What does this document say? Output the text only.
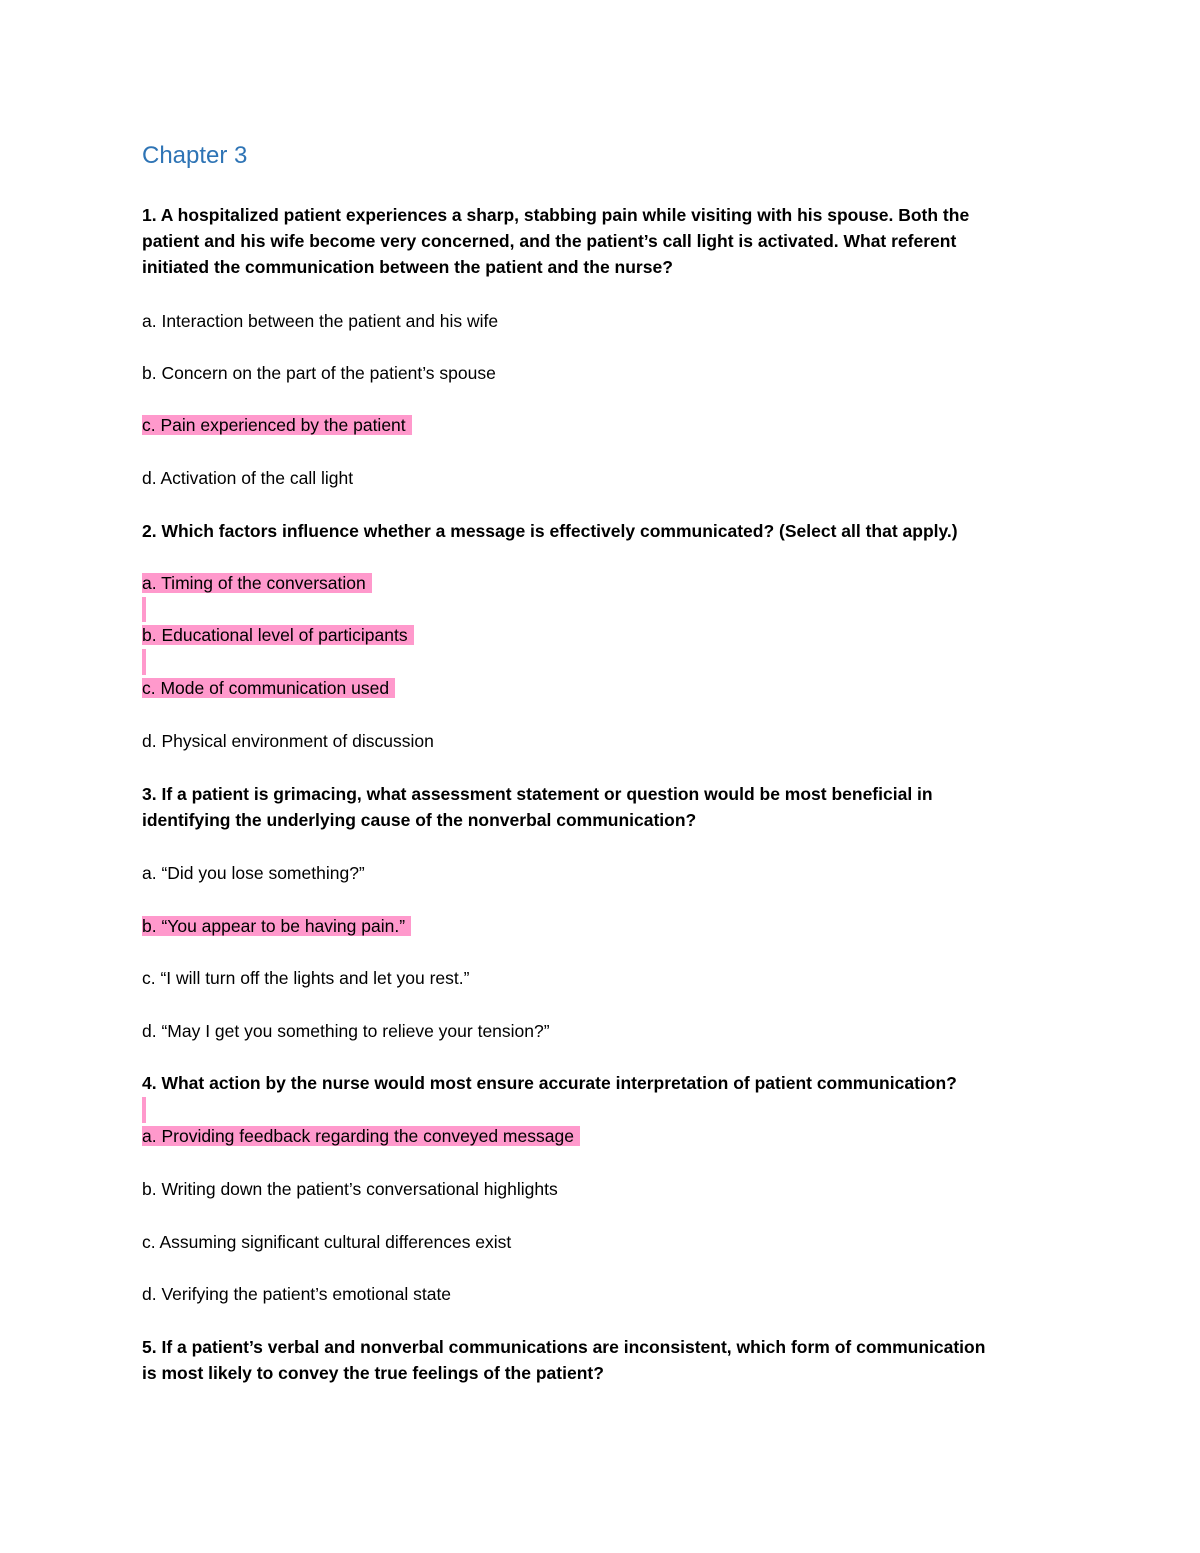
Chapter 3
1. A hospitalized patient experiences a sharp, stabbing pain while visiting with his spouse. Both the
patient and his wife become very concerned, and the patient’s call light is activated. What referent
initiated the communication between the patient and the nurse?
a. Interaction between the patient and his wife
b. Concern on the part of the patient’s spouse
c. Pain experienced by the patient
d. Activation of the call light
2. Which factors influence whether a message is effectively communicated? (Select all that apply.)
a. Timing of the conversation
b. Educational level of participants
c. Mode of communication used
d. Physical environment of discussion
3. If a patient is grimacing, what assessment statement or question would be most beneficial in
identifying the underlying cause of the nonverbal communication?
a. “Did you lose something?”
b. “You appear to be having pain.”
c. “I will turn off the lights and let you rest.”
d. “May I get you something to relieve your tension?”
4. What action by the nurse would most ensure accurate interpretation of patient communication?
a. Providing feedback regarding the conveyed message
b. Writing down the patient’s conversational highlights
c. Assuming significant cultural differences exist
d. Verifying the patient’s emotional state
5. If a patient’s verbal and nonverbal communications are inconsistent, which form of communication
is most likely to convey the true feelings of the patient?
